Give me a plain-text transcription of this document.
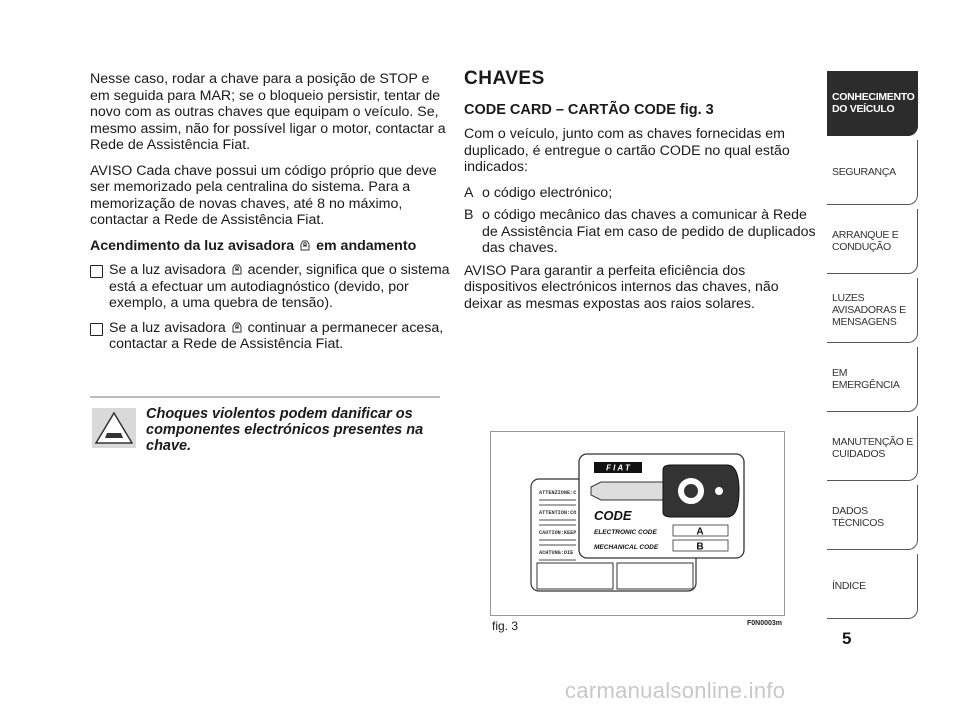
Nesse caso, rodar a chave para a posição de STOP e em seguida para MAR; se o bloqueio persistir, tentar de novo com as outras chaves que equipam o veículo. Se, mesmo assim, não for possível ligar o motor, contactar a Rede de Assistência Fiat.

AVISO Cada chave possui um código próprio que deve ser memorizado pela centralina do sistema. Para a memorização de novas chaves, até 8 no máximo, contactar a Rede de Assistência Fiat.

Acendimento da luz avisadora em andamento
Se a luz avisadora acender, significa que o sistema está a efectuar um autodiagnóstico (devido, por exemplo, a uma quebra de tensão).
Se a luz avisadora continuar a permanecer acesa, contactar a Rede de Assistência Fiat.
Choques violentos podem danificar os componentes electrónicos presentes na chave.
CHAVES
CODE CARD – CARTÃO CODE fig. 3

Com o veículo, junto com as chaves fornecidas em duplicado, é entregue o cartão CODE no qual estão indicados:

A o código electrónico;
B o código mecânico das chaves a comunicar à Rede de Assistência Fiat em caso de pedido de duplicados das chaves.

AVISO Para garantir a perfeita eficiência dos dispositivos electrónicos internos das chaves, não deixar as mesmas expostas aos raios solares.

ATTENZIONE:C
ATTENTION:CO
CAUTION:KEEP
ACHTUNG:DIE
F I A T
CODE
ELECTRONIC CODE
MECHANICAL CODE
A
B
fig. 3	F0N0003m
CONHECIMENTO DO VEÍCULO
SEGURANÇA
ARRANQUE E CONDUÇÃO
LUZES AVISADORAS E MENSAGENS
EM EMERGÊNCIA
MANUTENÇÃO E CUIDADOS
DADOS TÉCNICOS
ÍNDICE
5
carmanualsonline.info
